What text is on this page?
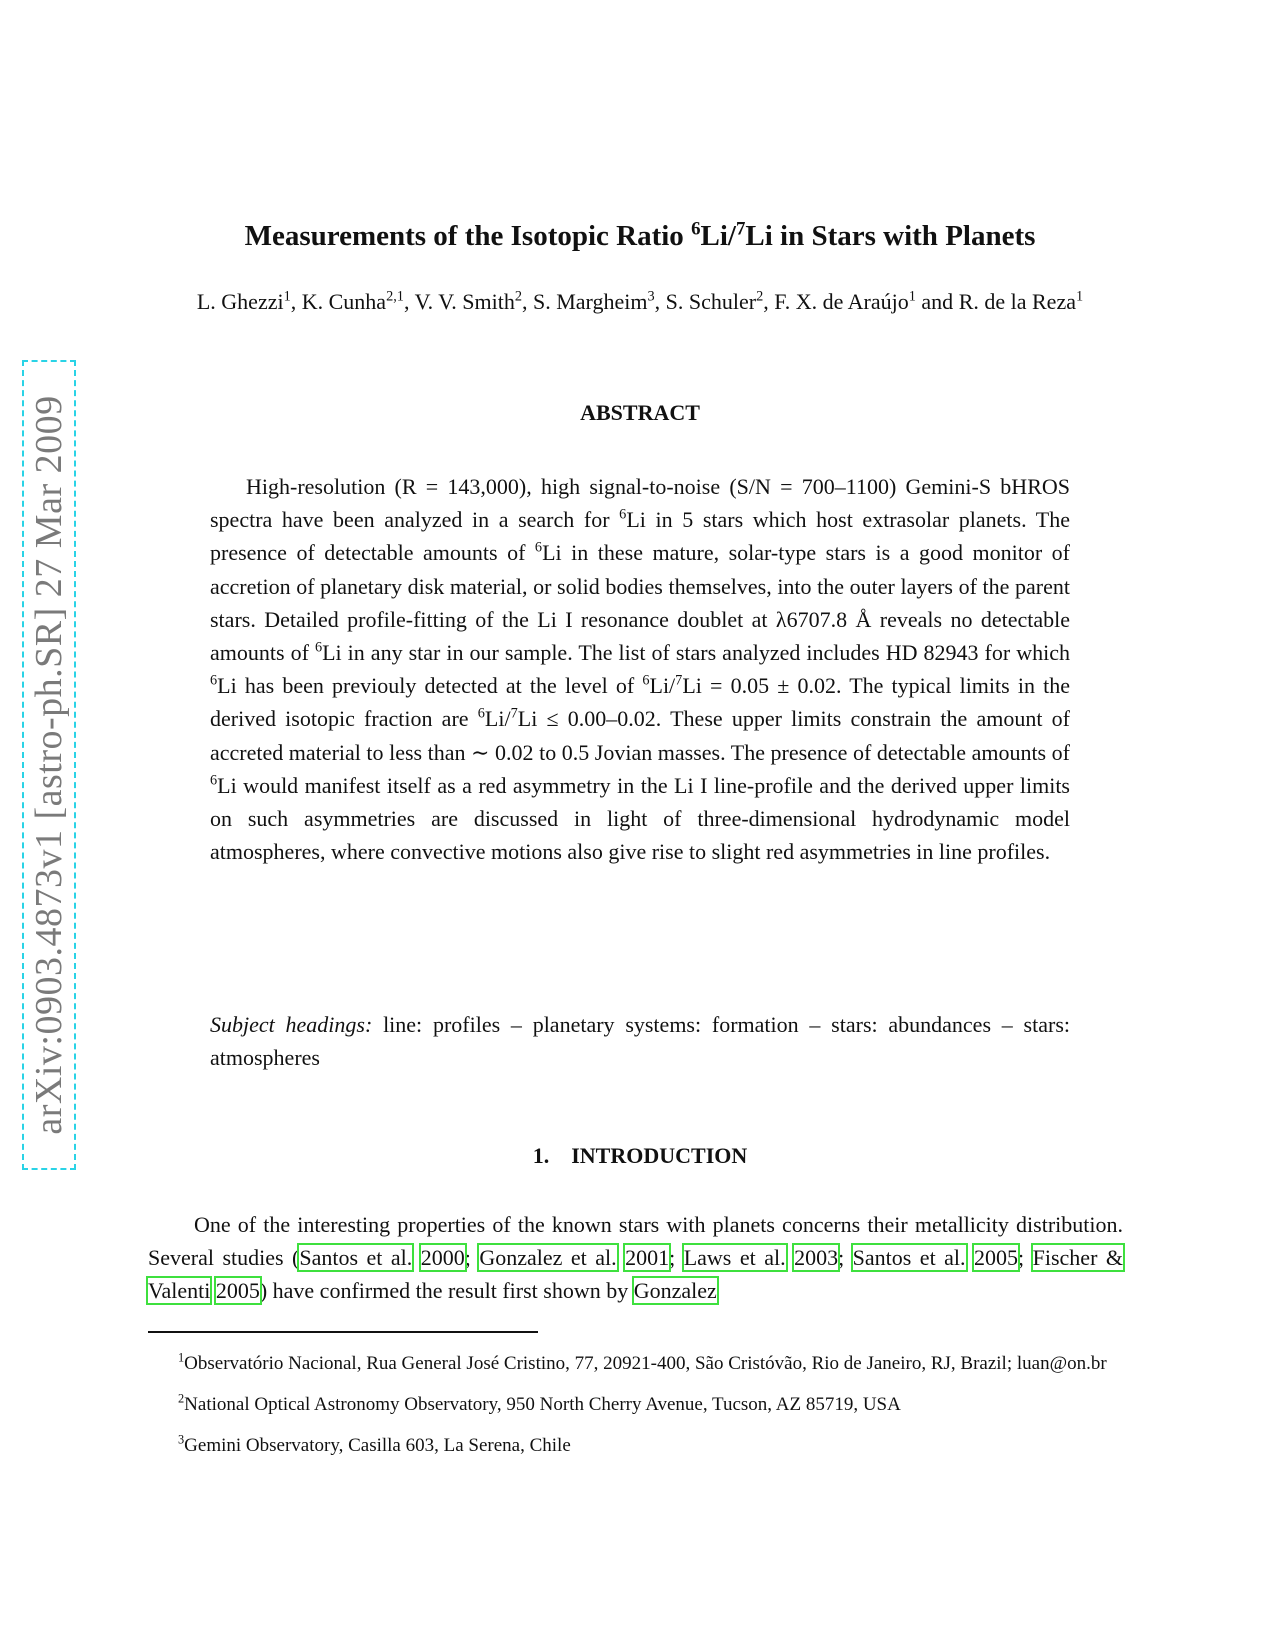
arXiv:0903.4873v1 [astro-ph.SR] 27 Mar 2009
Measurements of the Isotopic Ratio $^6$Li/$^7$Li in Stars with Planets
L. Ghezzi$^1$, K. Cunha$^{2,1}$, V. V. Smith$^2$, S. Margheim$^3$, S. Schuler$^2$, F. X. de Araújo$^1$ and R. de la Reza$^1$
ABSTRACT
High-resolution (R = 143,000), high signal-to-noise (S/N = 700–1100) Gemini-S bHROS spectra have been analyzed in a search for $^6$Li in 5 stars which host extrasolar planets. The presence of detectable amounts of $^6$Li in these mature, solar-type stars is a good monitor of accretion of planetary disk material, or solid bodies themselves, into the outer layers of the parent stars. Detailed profile-fitting of the Li I resonance doublet at λ6707.8 Å reveals no detectable amounts of $^6$Li in any star in our sample. The list of stars analyzed includes HD 82943 for which $^6$Li has been previouly detected at the level of $^6$Li/$^7$Li = 0.05 ± 0.02. The typical limits in the derived isotopic fraction are $^6$Li/$^7$Li ≤ 0.00–0.02. These upper limits constrain the amount of accreted material to less than ∼ 0.02 to 0.5 Jovian masses. The presence of detectable amounts of $^6$Li would manifest itself as a red asymmetry in the Li I line-profile and the derived upper limits on such asymmetries are discussed in light of three-dimensional hydrodynamic model atmospheres, where convective motions also give rise to slight red asymmetries in line profiles.
Subject headings: line: profiles – planetary systems: formation – stars: abundances – stars: atmospheres
1.    INTRODUCTION
One of the interesting properties of the known stars with planets concerns their metallicity distribution. Several studies (Santos et al. 2000; Gonzalez et al. 2001; Laws et al. 2003; Santos et al. 2005; Fischer & Valenti 2005) have confirmed the result first shown by Gonzalez

$^1$Observatório Nacional, Rua General José Cristino, 77, 20921-400, São Cristóvão, Rio de Janeiro, RJ, Brazil; luan@on.br

$^2$National Optical Astronomy Observatory, 950 North Cherry Avenue, Tucson, AZ 85719, USA

$^3$Gemini Observatory, Casilla 603, La Serena, Chile
